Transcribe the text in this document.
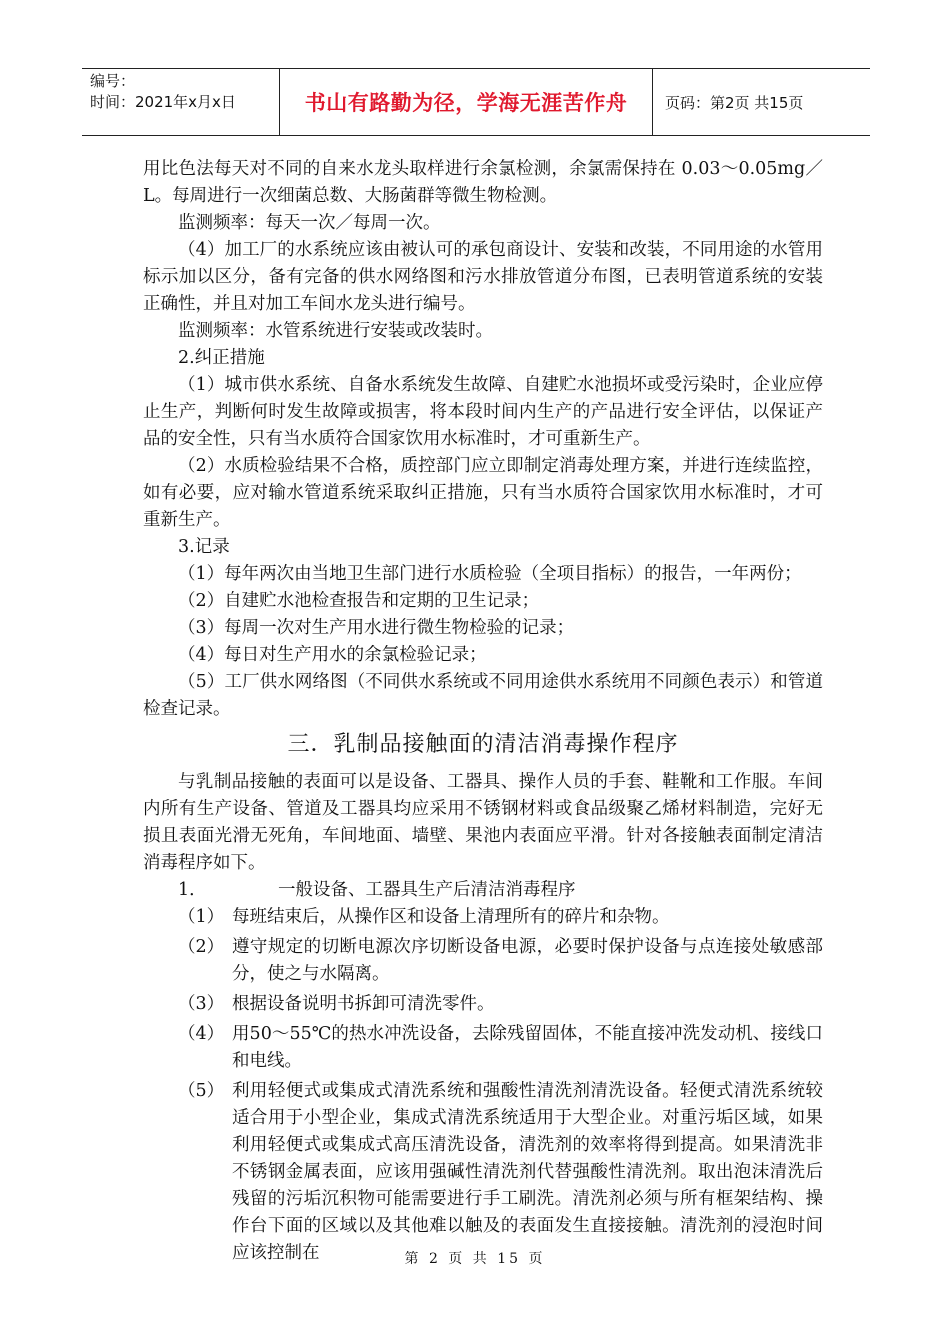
编号：
时间：2021年x月x日	书山有路勤为径，学海无涯苦作舟	页码：第2页 共15页

用比色法每天对不同的自来水龙头取样进行余氯检测，余氯需保持在 0.03～0.05mg／L。每周进行一次细菌总数、大肠菌群等微生物检测。

监测频率：每天一次／每周一次。

（4）加工厂的水系统应该由被认可的承包商设计、安装和改装，不同用途的水管用标示加以区分，备有完备的供水网络图和污水排放管道分布图，已表明管道系统的安装正确性，并且对加工车间水龙头进行编号。

监测频率：水管系统进行安装或改装时。

2.纠正措施

（1）城市供水系统、自备水系统发生故障、自建贮水池损坏或受污染时，企业应停止生产，判断何时发生故障或损害，将本段时间内生产的产品进行安全评估，以保证产品的安全性，只有当水质符合国家饮用水标准时，才可重新生产。

（2）水质检验结果不合格，质控部门应立即制定消毒处理方案，并进行连续监控，如有必要，应对输水管道系统采取纠正措施，只有当水质符合国家饮用水标准时，才可重新生产。

3.记录

（1）每年两次由当地卫生部门进行水质检验（全项目指标）的报告，一年两份；

（2）自建贮水池检查报告和定期的卫生记录；

（3）每周一次对生产用水进行微生物检验的记录；

（4）每日对生产用水的余氯检验记录；

（5）工厂供水网络图（不同供水系统或不同用途供水系统用不同颜色表示）和管道检查记录。

三．乳制品接触面的清洁消毒操作程序

与乳制品接触的表面可以是设备、工器具、操作人员的手套、鞋靴和工作服。车间内所有生产设备、管道及工器具均应采用不锈钢材料或食品级聚乙烯材料制造，完好无损且表面光滑无死角，车间地面、墙壁、果池内表面应平滑。针对各接触表面制定清洁消毒程序如下。

1．	一般设备、工器具生产后清洁消毒程序
（1） 每班结束后，从操作区和设备上清理所有的碎片和杂物。
（2） 遵守规定的切断电源次序切断设备电源，必要时保护设备与点连接处敏感部分，使之与水隔离。
（3） 根据设备说明书拆卸可清洗零件。
（4） 用50～55℃的热水冲洗设备，去除残留固体，不能直接冲洗发动机、接线口和电线。
（5） 利用轻便式或集成式清洗系统和强酸性清洗剂清洗设备。轻便式清洗系统较适合用于小型企业，集成式清洗系统适用于大型企业。对重污垢区域，如果利用轻便式或集成式高压清洗设备，清洗剂的效率将得到提高。如果清洗非不锈钢金属表面，应该用强碱性清洗剂代替强酸性清洗剂。取出泡沫清洗后残留的污垢沉积物可能需要进行手工刷洗。清洗剂必须与所有框架结构、操作台下面的区域以及其他难以触及的表面发生直接接触。清洗剂的浸泡时间应该控制在	第 2 页 共 15 页
